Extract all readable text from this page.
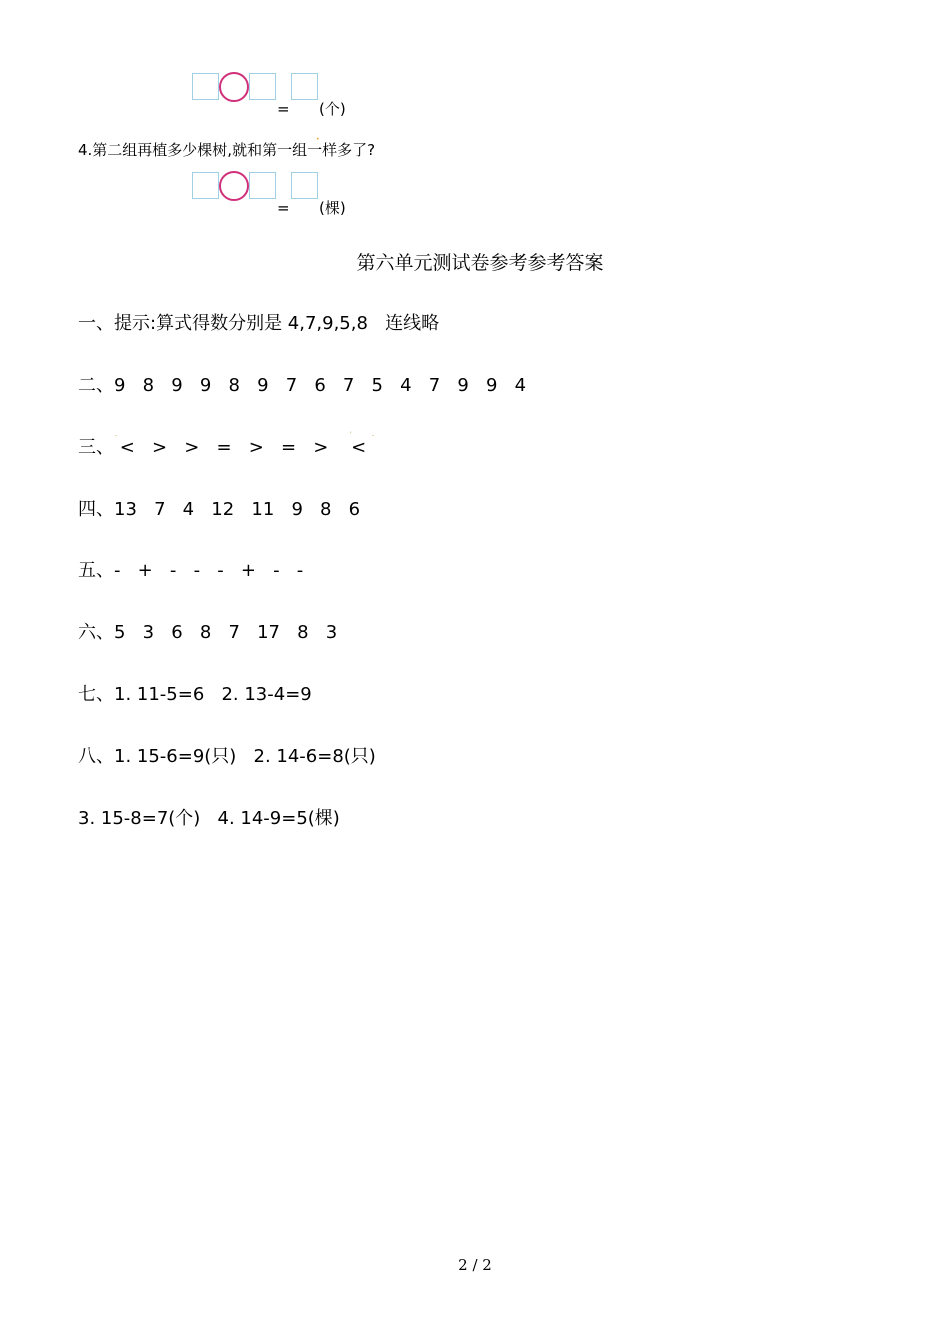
= (个)
4.第二组再植多少棵树,就和第一组一样多了?
•
= (棵)
第六单元测试卷参考参考答案
一、提示:算式得数分别是 4,7,9,5,8   连线略
二、9   8   9   9   8   9   7   6   7   5   4   7   9   9   4
三、 <   >   >   =   >   =   >    <
-	'	-
四、13   7   4   12   11   9   8   6
五、-   +   -   -   -   +   -   -
六、5   3   6   8   7   17   8   3
七、1. 11-5=6   2. 13-4=9
八、1. 15-6=9(只)   2. 14-6=8(只)
3. 15-8=7(个)   4. 14-9=5(棵)
2 / 2
